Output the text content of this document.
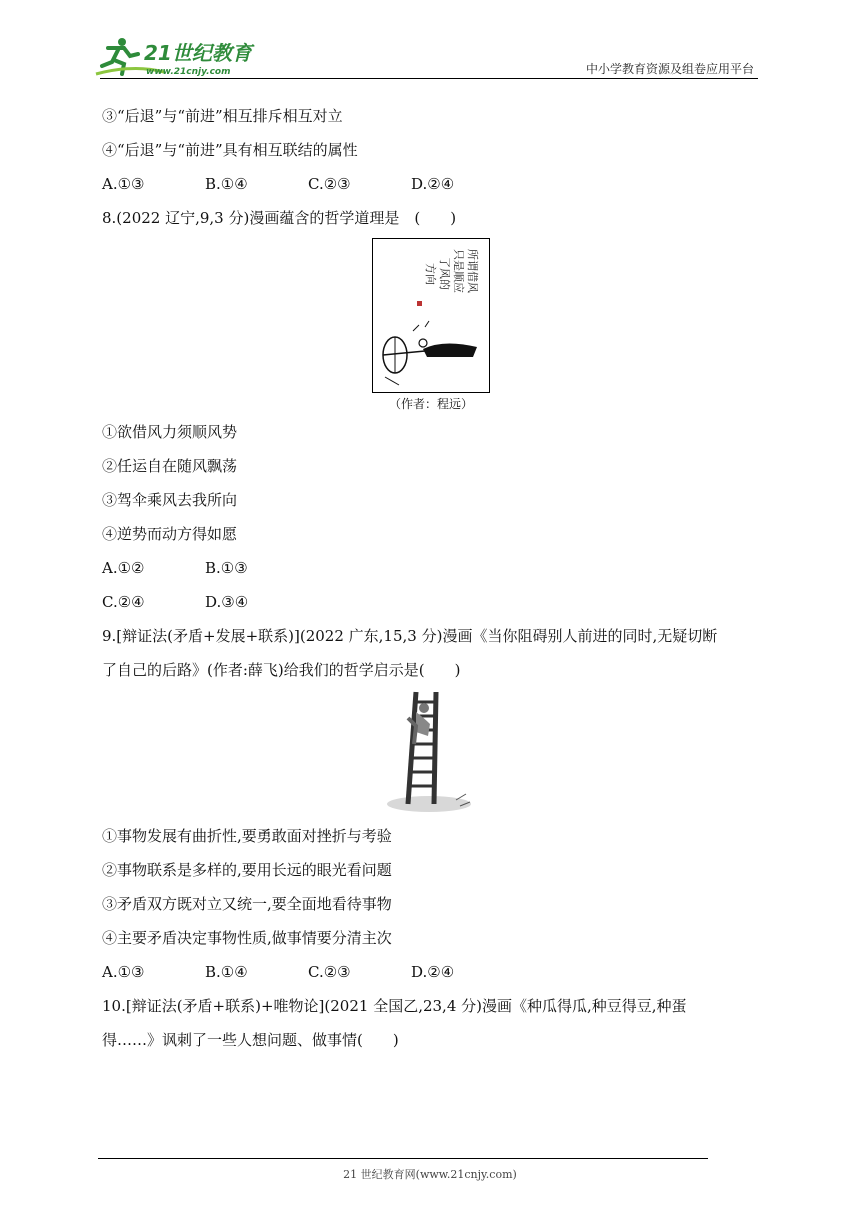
21世纪教育
www.21cnjy.com	中小学教育资源及组卷应用平台
③“后退”与“前进”相互排斥相互对立
④“后退”与“前进”具有相互联结的属性
A.①③	B.①④	C.②③	D.②④
8.(2022 辽宁,9,3 分)漫画蕴含的哲学道理是　(　　)
所谓借风
只是顺应
了风的
方向
（作者：程远）
①欲借风力须顺风势
②任运自在随风飘荡
③驾伞乘风去我所向
④逆势而动方得如愿
A.①②	B.①③
C.②④	D.③④
9.[辩证法(矛盾+发展+联系)](2022 广东,15,3 分)漫画《当你阻碍别人前进的同时,无疑切断
了自己的后路》(作者:薛飞)给我们的哲学启示是(　　)
①事物发展有曲折性,要勇敢面对挫折与考验
②事物联系是多样的,要用长远的眼光看问题
③矛盾双方既对立又统一,要全面地看待事物
④主要矛盾决定事物性质,做事情要分清主次
A.①③	B.①④	C.②③	D.②④
10.[辩证法(矛盾+联系)+唯物论](2021 全国乙,23,4 分)漫画《种瓜得瓜,种豆得豆,种蛋
得……》讽刺了一些人想问题、做事情(　　)
21 世纪教育网(www.21cnjy.com)
